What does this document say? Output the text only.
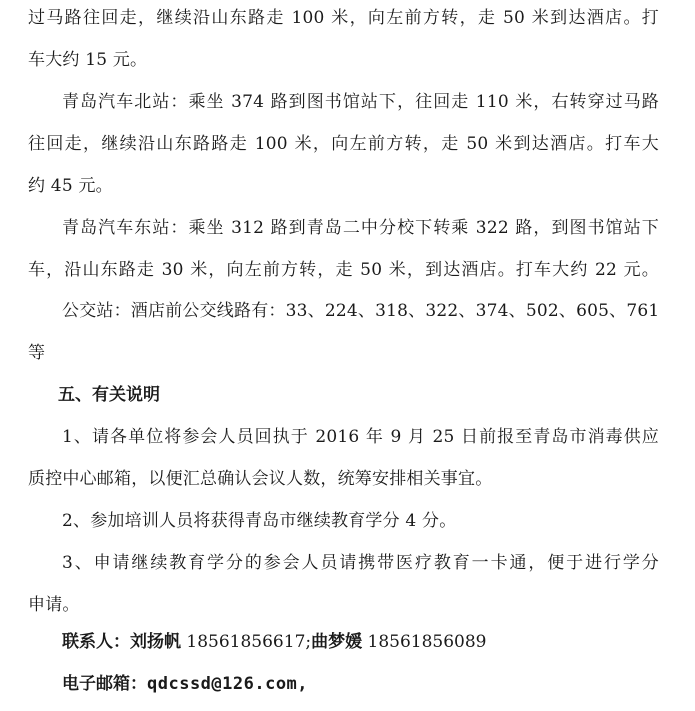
过马路往回走，继续沿山东路走 100 米，向左前方转，走 50 米到达酒店。打
车大约 15 元。
青岛汽车北站：乘坐 374 路到图书馆站下，往回走 110 米，右转穿过马路
往回走，继续沿山东路路走 100 米，向左前方转，走 50 米到达酒店。打车大
约 45 元。
青岛汽车东站：乘坐 312 路到青岛二中分校下转乘 322 路，到图书馆站下
车，沿山东路走 30 米，向左前方转，走 50 米，到达酒店。打车大约 22 元。
公交站：酒店前公交线路有：33、224、318、322、374、502、605、761
等
五、有关说明
1、请各单位将参会人员回执于 2016 年 9 月 25 日前报至青岛市消毒供应
质控中心邮箱，以便汇总确认会议人数，统筹安排相关事宜。
2、参加培训人员将获得青岛市继续教育学分 4 分。
3、申请继续教育学分的参会人员请携带医疗教育一卡通，便于进行学分
申请。
联系人：刘扬帆 18561856617;曲梦媛 18561856089
电子邮箱：qdcssd@126.com,
